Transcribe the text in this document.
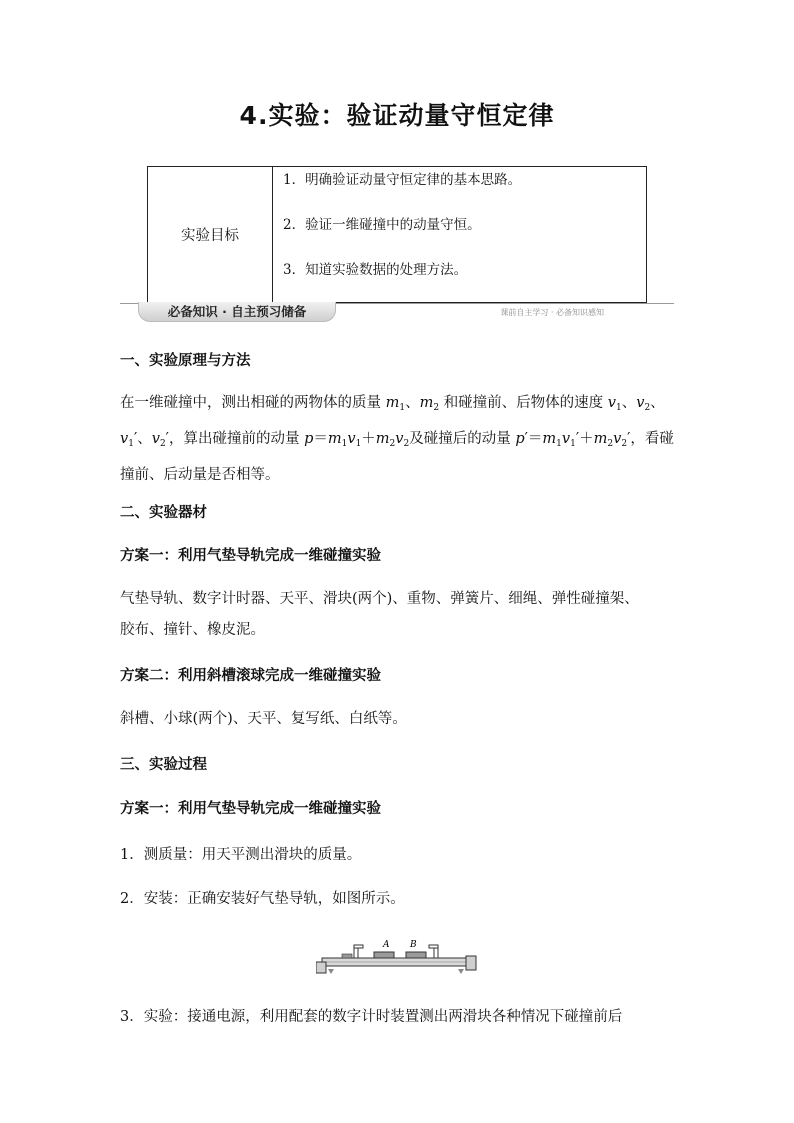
4.实验：验证动量守恒定律
实验目标	
1．明确验证动量守恒定律的基本思路。
2．验证一维碰撞中的动量守恒。
3．知道实验数据的处理方法。
必备知识 · 自主预习储备	课前自主学习 · 必备知识感知
一、实验原理与方法
在一维碰撞中，测出相碰的两物体的质量 $m_1$、$m_2$ 和碰撞前、后物体的速度 $v_1$、$v_2$、$v_1'$、$v_2'$，算出碰撞前的动量 $p=m_1v_1+m_2v_2$及碰撞后的动量 $p'=m_1v_1'+m_2v_2'$，看碰撞前、后动量是否相等。
二、实验器材
方案一：利用气垫导轨完成一维碰撞实验
气垫导轨、数字计时器、天平、滑块(两个)、重物、弹簧片、细绳、弹性碰撞架、
胶布、撞针、橡皮泥。
方案二：利用斜槽滚球完成一维碰撞实验
斜槽、小球(两个)、天平、复写纸、白纸等。
三、实验过程
方案一：利用气垫导轨完成一维碰撞实验
1．测质量：用天平测出滑块的质量。
2．安装：正确安装好气垫导轨，如图所示。
A B
3．实验：接通电源，利用配套的数字计时装置测出两滑块各种情况下碰撞前后
